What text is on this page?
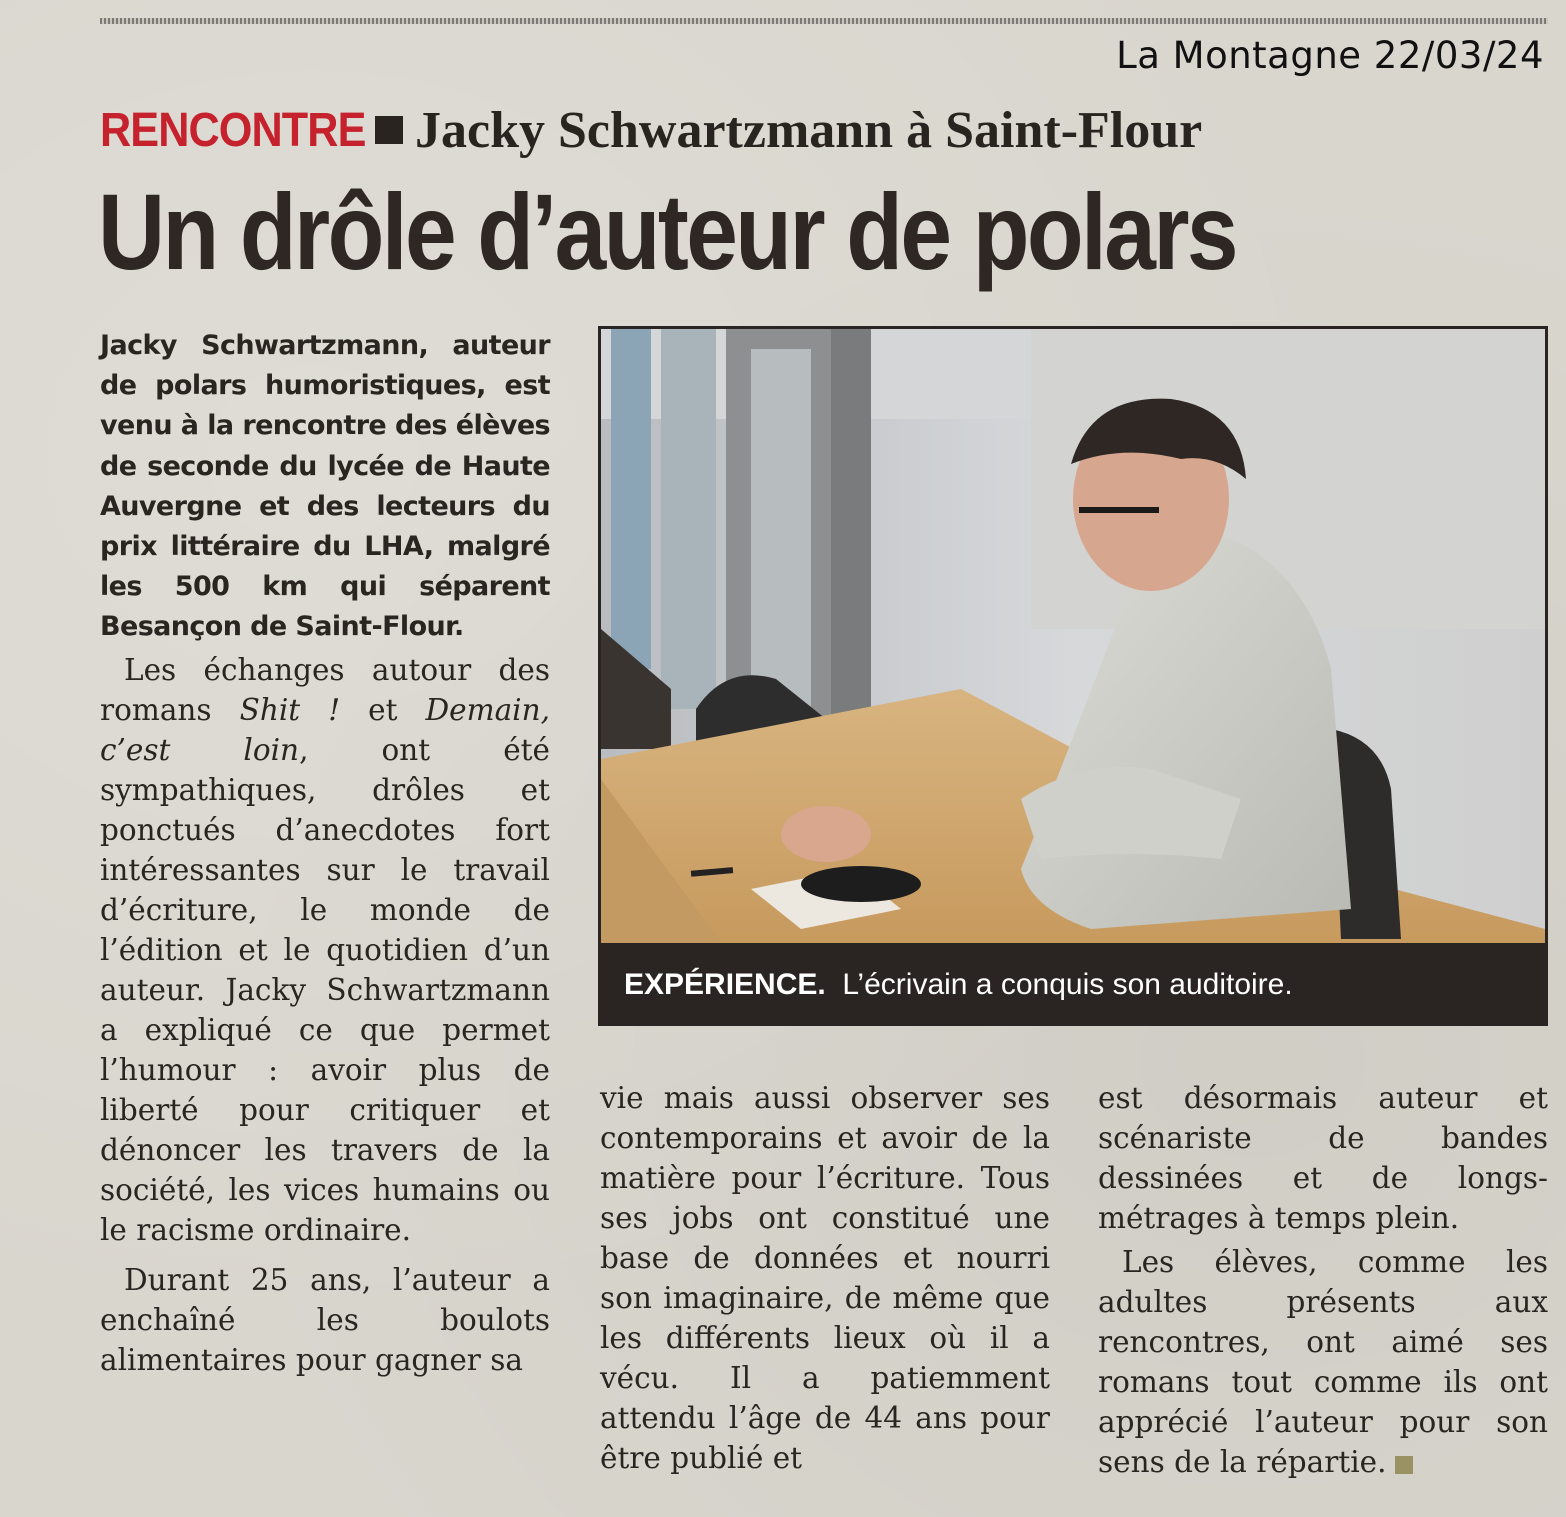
La Montagne 22/03/24
RENCONTRE Jacky Schwartzmann à Saint-Flour
Un drôle d’auteur de polars

Jacky Schwartzmann, auteur de polars humoristiques, est venu à la rencontre des élèves de seconde du lycée de Haute Auvergne et des lecteurs du prix littéraire du LHA, malgré les 500 km qui séparent Besançon de Saint-Flour.

Les échanges autour des romans Shit ! et Demain, c’est loin, ont été sympathiques, drôles et ponctués d’anecdotes fort intéressantes sur le travail d’écriture, le monde de l’édition et le quotidien d’un auteur. Jacky Schwartzmann a expliqué ce que permet l’humour : avoir plus de liberté pour critiquer et dénoncer les travers de la société, les vices humains ou le racisme ordinaire.

Durant 25 ans, l’auteur a enchaîné les boulots alimentaires pour gagner sa

EXPÉRIENCE. L’écrivain a conquis son auditoire.

vie mais aussi observer ses contemporains et avoir de la matière pour l’écriture. Tous ses jobs ont constitué une base de données et nourri son imaginaire, de même que les différents lieux où il a vécu. Il a patiemment attendu l’âge de 44 ans pour être publié et

est désormais auteur et scénariste de bandes dessinées et de longs-métrages à temps plein.

Les élèves, comme les adultes présents aux rencontres, ont aimé ses romans tout comme ils ont apprécié l’auteur pour son sens de la répartie.
